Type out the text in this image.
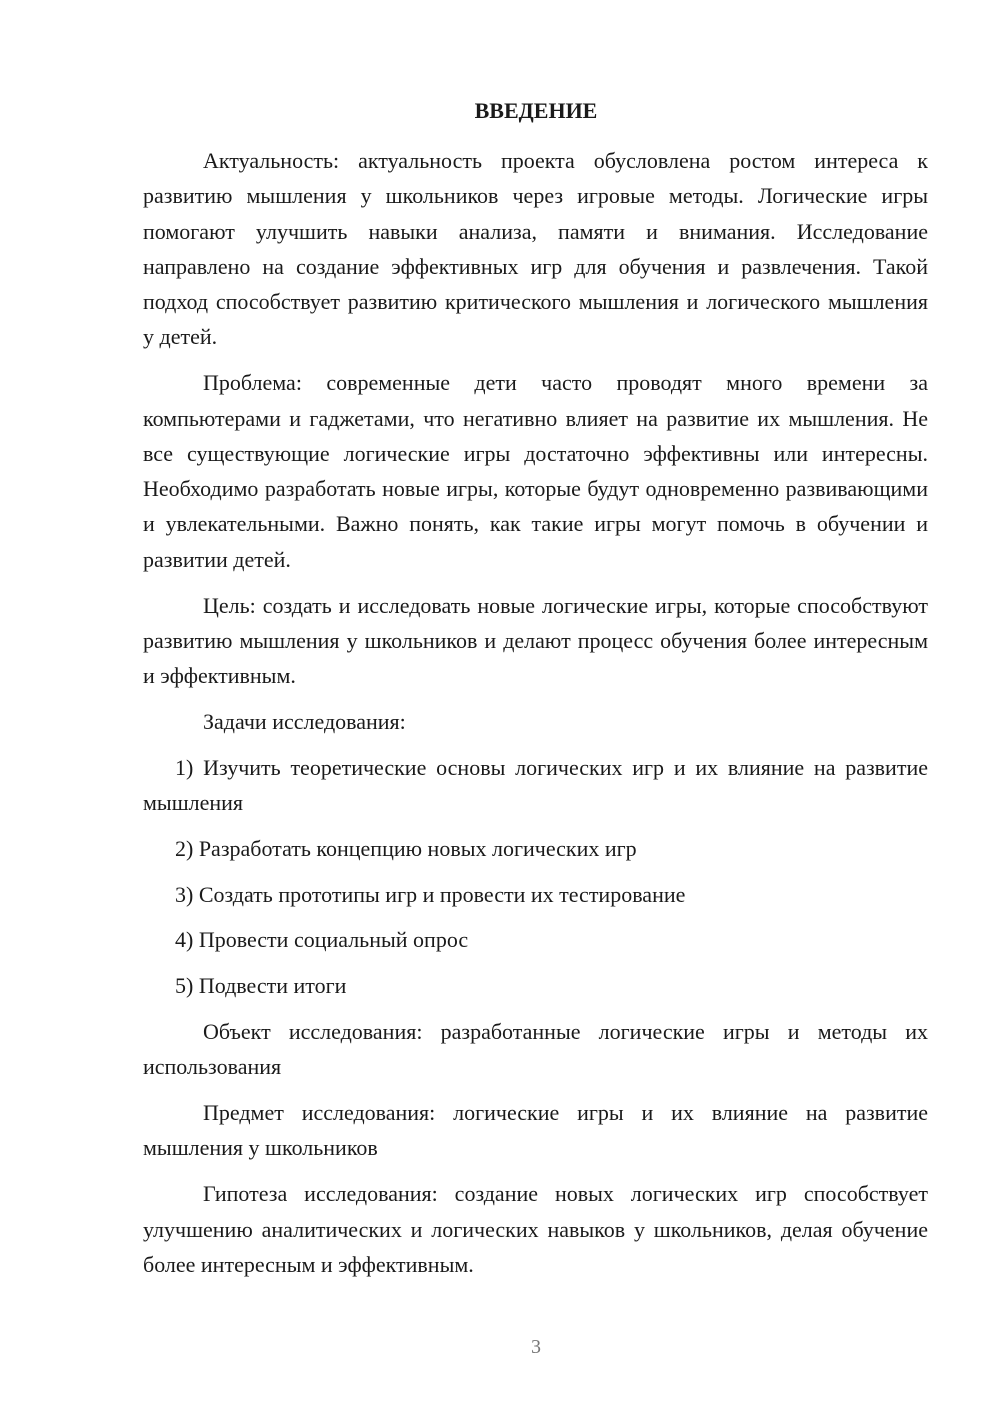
ВВЕДЕНИЕ

Актуальность: актуальность проекта обусловлена ростом интереса к развитию мышления у школьников через игровые методы. Логические игры помогают улучшить навыки анализа, памяти и внимания. Исследование направлено на создание эффективных игр для обучения и развлечения. Такой подход способствует развитию критического мышления и логического мышления у детей.

Проблема: современные дети часто проводят много времени за компьютерами и гаджетами, что негативно влияет на развитие их мышления. Не все существующие логические игры достаточно эффективны или интересны. Необходимо разработать новые игры, которые будут одновременно развивающими и увлекательными. Важно понять, как такие игры могут помочь в обучении и развитии детей.

Цель: создать и исследовать новые логические игры, которые способствуют развитию мышления у школьников и делают процесс обучения более интересным и эффективным.

Задачи исследования:

1) Изучить теоретические основы логических игр и их влияние на развитие мышления

2) Разработать концепцию новых логических игр

3) Создать прототипы игр и провести их тестирование

4) Провести социальный опрос

5) Подвести итоги

Объект исследования: разработанные логические игры и методы их использования

Предмет исследования: логические игры и их влияние на развитие мышления у школьников

Гипотеза исследования: создание новых логических игр способствует улучшению аналитических и логических навыков у школьников, делая обучение более интересным и эффективным.

3
